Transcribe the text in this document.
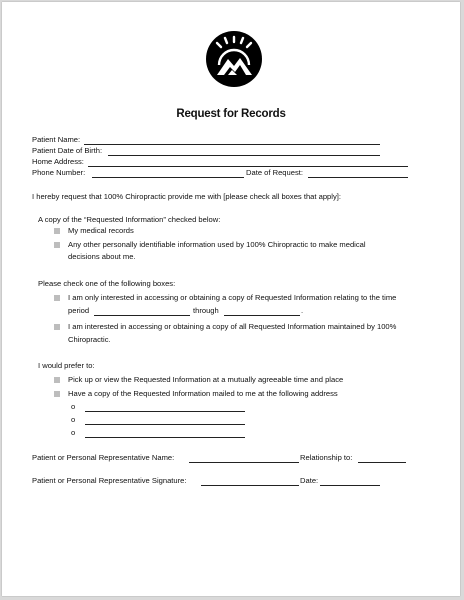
Request for Records
Patient Name:
Patient Date of Birth:
Home Address:
Phone Number:	Date of Request:
I hereby request that 100% Chiropractic provide me with [please check all boxes that apply]:
A copy of the “Requested Information” checked below:
My medical records
Any other personally identifiable information used by 100% Chiropractic to make medical
decisions about me.
Please check one of the following boxes:
I am only interested in accessing or obtaining a copy of Requested Information relating to the time
period	through	.
I am interested in accessing or obtaining a copy of all Requested Information maintained by 100%
Chiropractic.
I would prefer to:
Pick up or view the Requested Information at a mutually agreeable time and place
Have a copy of the Requested Information mailed to me at the following address
o
o
o
Patient or Personal Representative Name:	Relationship to:
Patient or Personal Representative Signature:	Date:
